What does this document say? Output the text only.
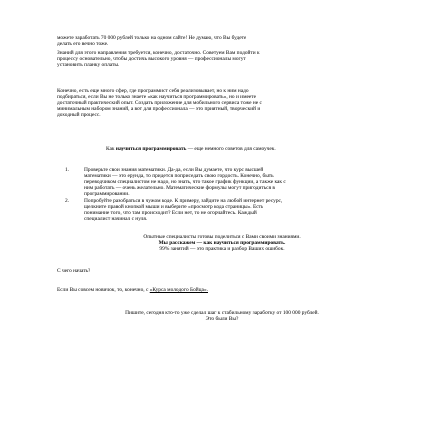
можете заработать 70 000 рублей только на одном сайте! Не думаю, что Вы будете
делать его вечно тоже.
Знаний для этого направления требуется, конечно, достаточно. Советуем Вам подойти к
процессу основательно, чтобы достичь высокого уровня — профессионалы могут
установить планку оплаты.
Конечно, есть еще много сфер, где программист себя реализовывает, но к ним надо
подбираться, если Вы не только знаете «как научиться программировать», но и имеете
достаточный практический опыт. Создать приложение для мобильного сервиса тоже не с
минимальным набором знаний, а вот для профессионала — это приятный, творческий и
доходный процесс.
Как научиться программировать — еще немного советов для самоучек.
1.	Проверьте свои знания математики. Да-да, если Вы думаете, что курс высшей
математики — это ерунда, то придется поприседать свою гордость. Конечно, быть
переводчиком специалистом не надо, но знать, что такое график функции, а также как с
ним работать — очень желательно. Математические формулы могут пригодиться в
программировании.
2.	Попробуйте разобраться в чужом коде. К примеру, зайдите на любой интернет ресурс,
щелкните правой кнопкой мыши и выберите «просмотр кода страницы». Есть
понимание того, что там происходит? Если нет, то не огорчайтесь. Каждый
специалист начинал с нуля.
Опытные специалисты готовы поделиться с Вами своими знаниями.
Мы расскажем — как научиться программировать.
99% занятий — это практика и разбор Ваших ошибок.
С чего начать?
Если Вы совсем новичок, то, конечно, с «Курса молодого Бойца».
Пишите, сегодня кто-то уже сделал шаг к стабильному заработку от 100 000 рублей.
Это были Вы?
